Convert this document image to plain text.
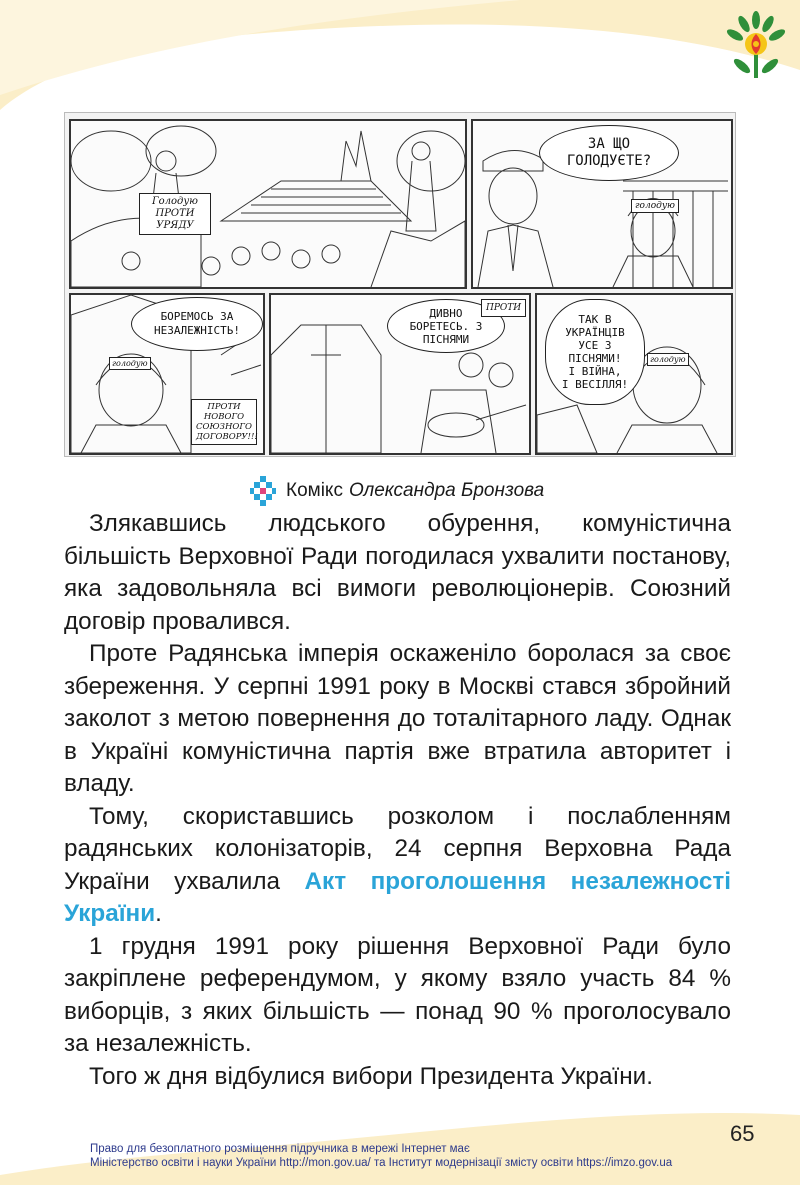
Голодую
ПРОТИ УРЯДУ
ЗА ЩО
ГОЛОДУЄТЕ?
голодую
БОРЕМОСЬ ЗА
НЕЗАЛЕЖНІСТЬ!
голодую
ПРОТИ НОВОГО
СОЮЗНОГО
ДОГОВОРУ!!!
ДИВНО
БОРЕТЕСЬ. З
ПІСНЯМИ
ПРОТИ
ТАК В
УКРАЇНЦІВ
УСЕ З
ПІСНЯМИ!
І ВІЙНА,
І ВЕСІЛЛЯ!
голодую
Комікс Олександра Бронзова

Злякавшись людського обурення, комуністична більшість Верховної Ради погодилася ухвалити постанову, яка задовольняла всі вимоги революціонерів. Союзний договір провалився.

Проте Радянська імперія оскаженіло боролася за своє збереження. У серпні 1991 року в Москві стався збройний заколот з метою повернення до тоталітарного ладу. Однак в Україні комуністична партія вже втратила авторитет і владу.

Тому, скориставшись розколом і послабленням радянських колонізаторів, 24 серпня Верховна Рада України ухвалила Акт проголошення незалежності України.

1 грудня 1991 року рішення Верховної Ради було закріплене референдумом, у якому взяло участь 84 % виборців, з яких більшість — понад 90 % проголосувало за незалежність.

Того ж дня відбулися вибори Президента України.

65
Право для безоплатного розміщення підручника в мережі Інтернет має
Міністерство освіти і науки України http://mon.gov.ua/ та Інститут модернізації змісту освіти https://imzo.gov.ua
